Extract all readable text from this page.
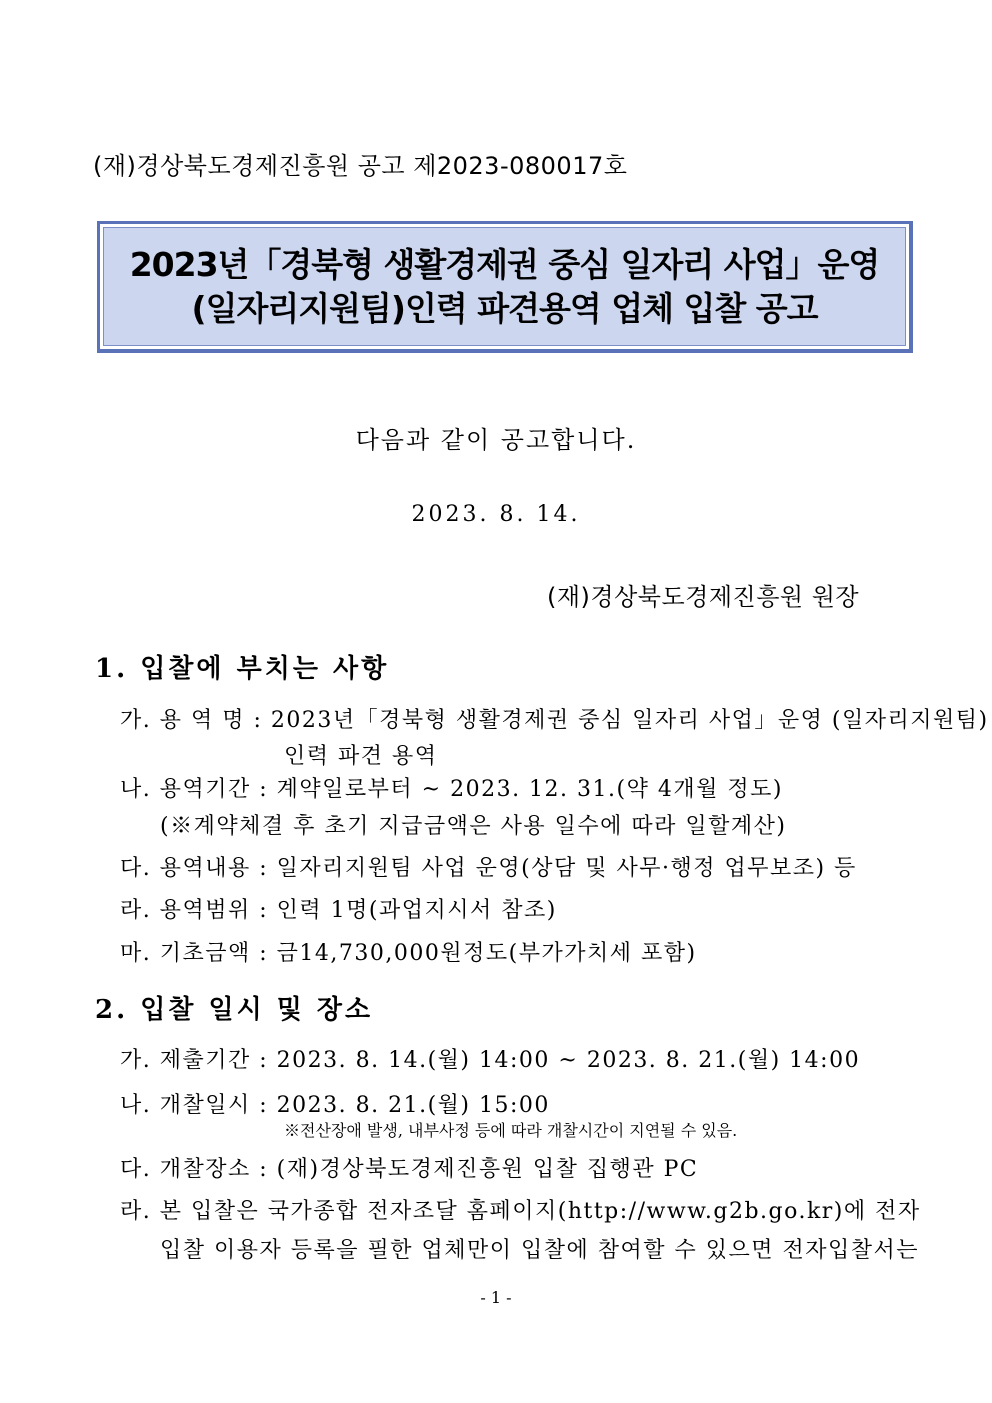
(재)경상북도경제진흥원 공고 제2023-080017호
2023년「경북형 생활경제권 중심 일자리 사업」운영
(일자리지원팀)인력 파견용역 업체 입찰 공고
다음과 같이 공고합니다.
2023. 8. 14.
(재)경상북도경제진흥원 원장
1. 입찰에 부치는 사항
가. 용 역 명 : 2023년「경북형 생활경제권 중심 일자리 사업」운영 (일자리지원팀)
인력 파견 용역
나. 용역기간 : 계약일로부터 ~ 2023. 12. 31.(약 4개월 정도)
(※계약체결 후 초기 지급금액은 사용 일수에 따라 일할계산)
다. 용역내용 : 일자리지원팀 사업 운영(상담 및 사무·행정 업무보조) 등
라. 용역범위 : 인력 1명(과업지시서 참조)
마. 기초금액 : 금14,730,000원정도(부가가치세 포함)
2. 입찰 일시 및 장소
가. 제출기간 : 2023. 8. 14.(월) 14:00 ~ 2023. 8. 21.(월) 14:00
나. 개찰일시 : 2023. 8. 21.(월) 15:00
※전산장애 발생, 내부사정 등에 따라 개찰시간이 지연될 수 있음.
다. 개찰장소 : (재)경상북도경제진흥원 입찰 집행관 PC
라. 본 입찰은 국가종합 전자조달 홈페이지(http://www.g2b.go.kr)에 전자
입찰 이용자 등록을 필한 업체만이 입찰에 참여할 수 있으면 전자입찰서는
- 1 -
